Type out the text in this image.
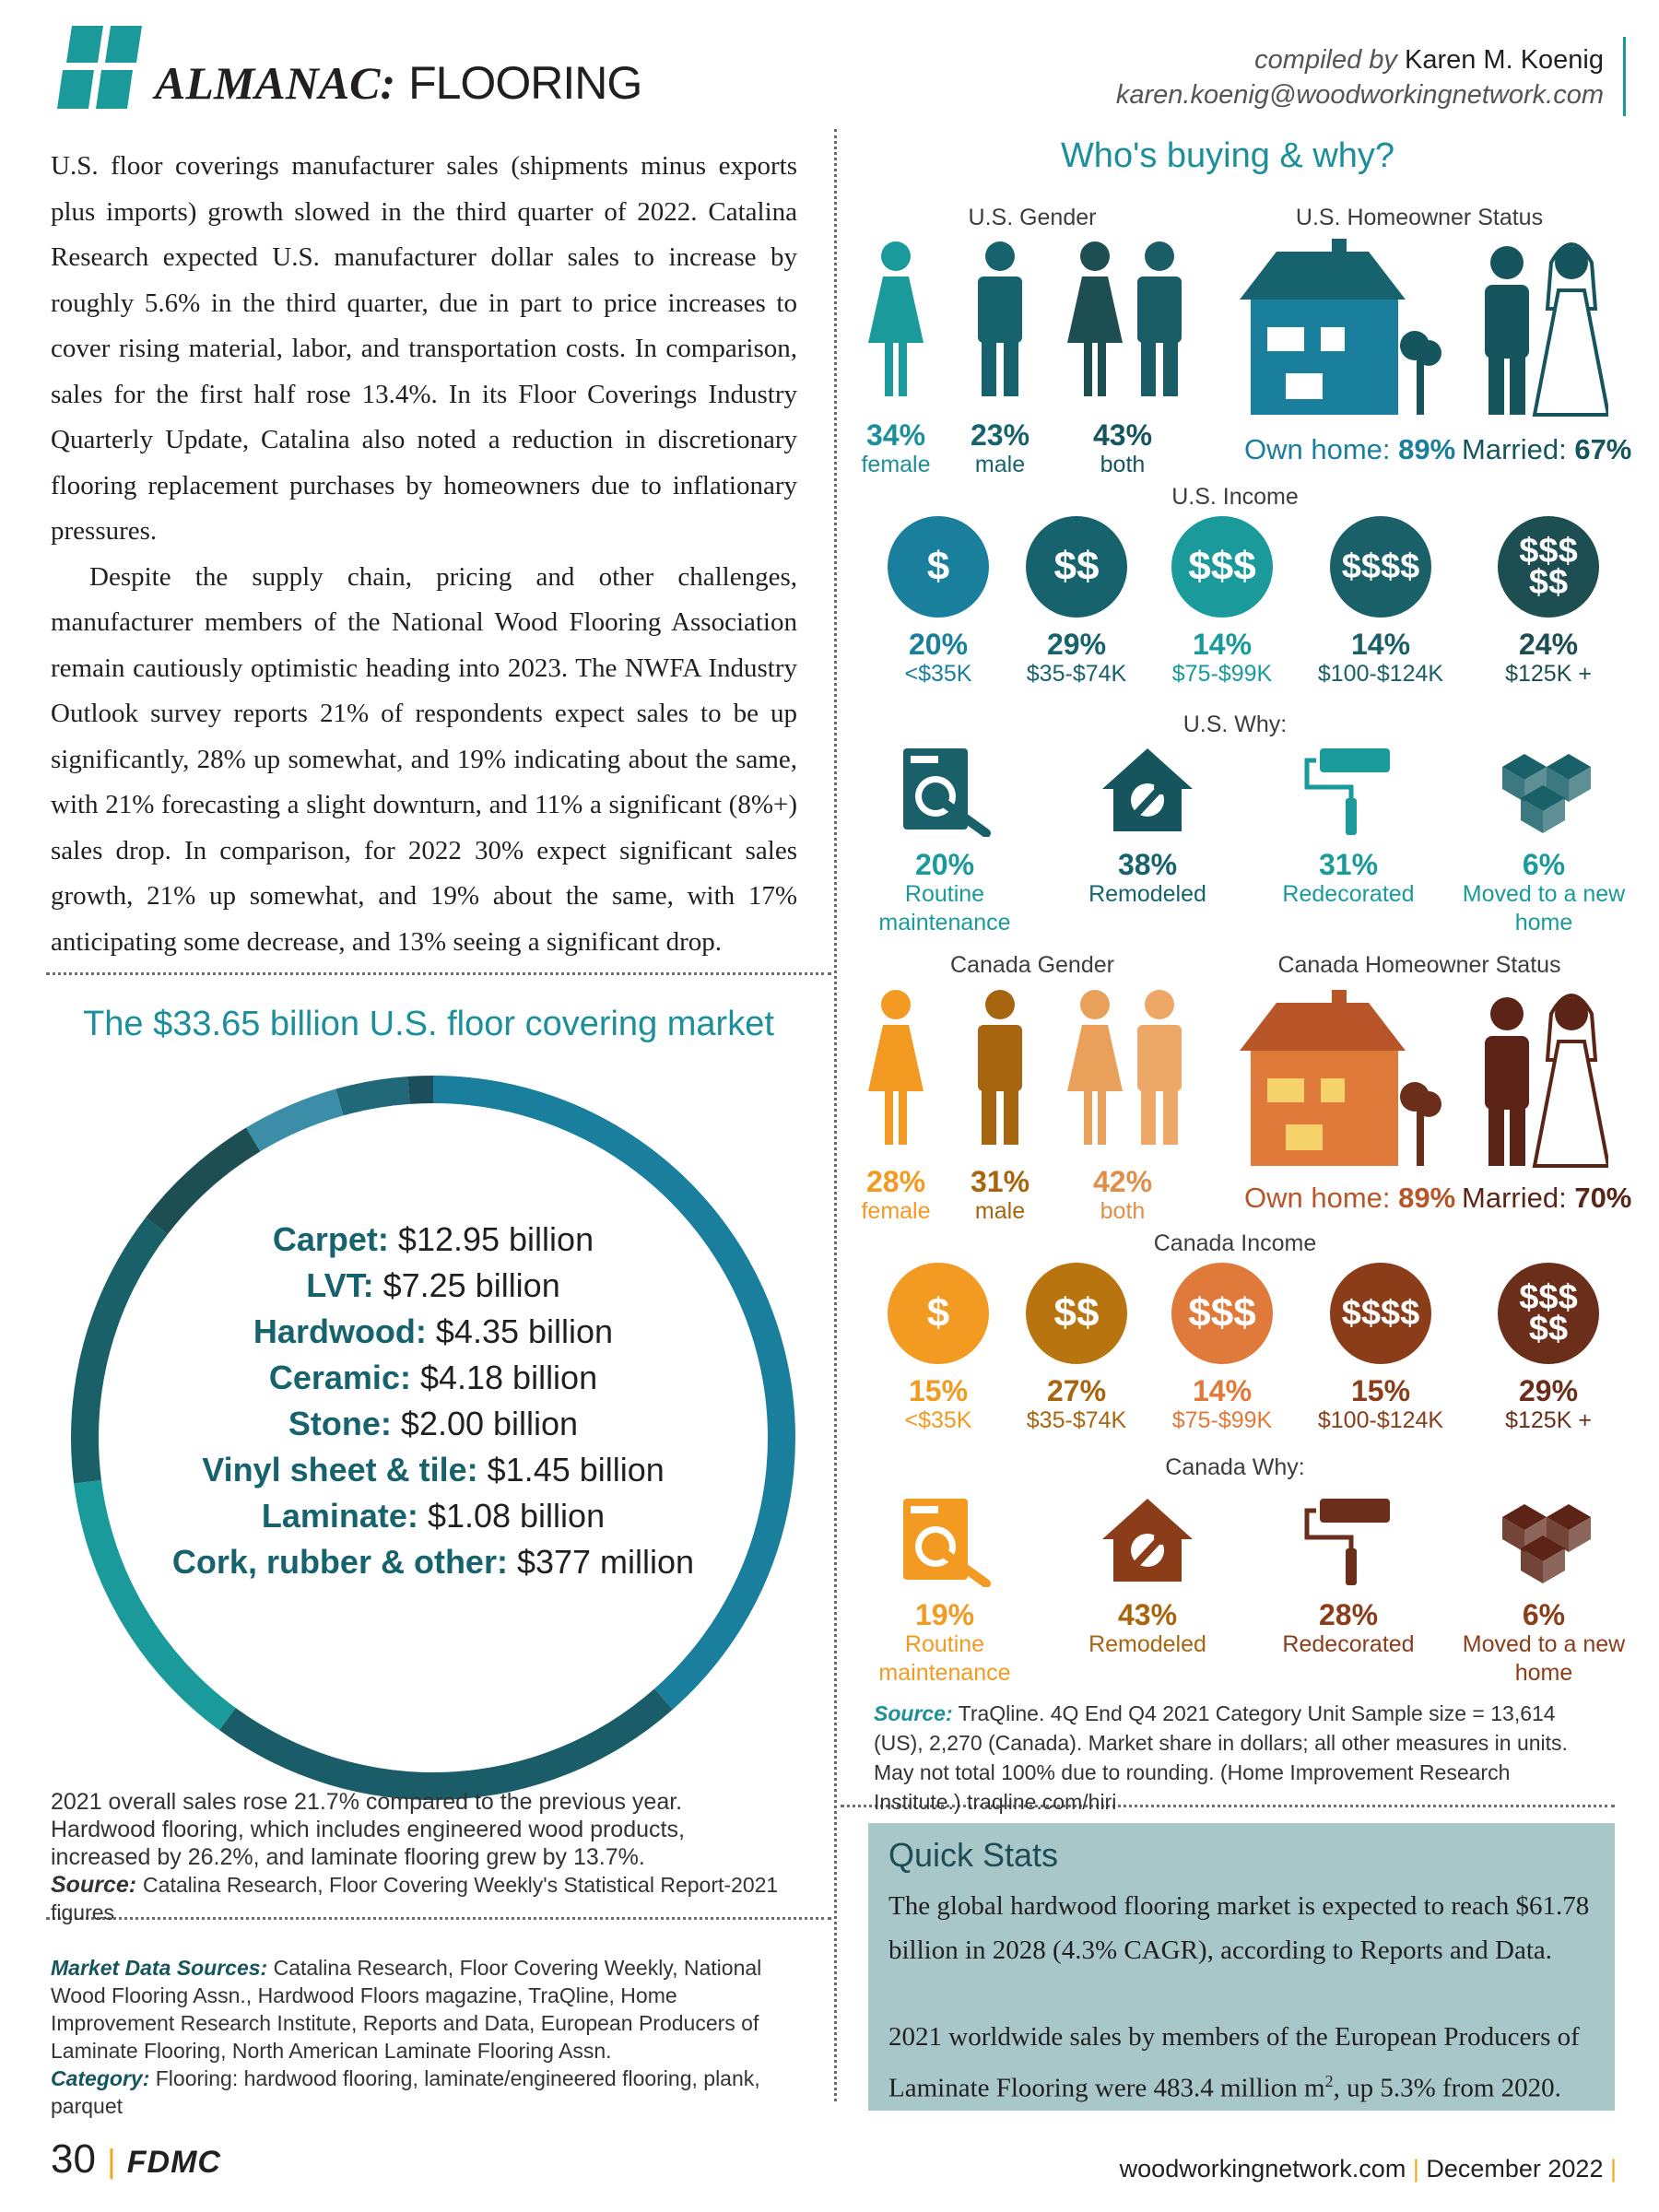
ALMANAC: FLOORING	compiled by Karen M. Koenig
karen.koenig@woodworkingnetwork.com

U.S. floor coverings manufacturer sales (shipments minus exports plus imports) growth slowed in the third quarter of 2022. Catalina Research expected U.S. manufacturer dollar sales to increase by roughly 5.6% in the third quarter, due in part to price increases to cover rising material, labor, and transportation costs. In comparison, sales for the first half rose 13.4%. In its Floor Coverings Industry Quarterly Update, Catalina also noted a reduction in discretionary flooring replacement purchases by homeowners due to inflationary pressures.

Despite the supply chain, pricing and other challenges, manufacturer members of the National Wood Flooring Association remain cautiously optimistic heading into 2023. The NWFA Industry Outlook survey reports 21% of respondents expect sales to be up significantly, 28% up somewhat, and 19% indicating about the same, with 21% forecasting a slight downturn, and 11% a significant (8%+) sales drop. In comparison, for 2022 30% expect significant sales growth, 21% up somewhat, and 19% about the same, with 17% anticipating some decrease, and 13% seeing a significant drop.

The $33.65 billion U.S. floor covering market
Carpet: $12.95 billion
LVT: $7.25 billion
Hardwood: $4.35 billion
Ceramic: $4.18 billion
Stone: $2.00 billion
Vinyl sheet & tile: $1.45 billion
Laminate: $1.08 billion
Cork, rubber & other: $377 million
2021 overall sales rose 21.7% compared to the previous year. Hardwood flooring, which includes engineered wood products, increased by 26.2%, and laminate flooring grew by 13.7%.
Source: Catalina Research, Floor Covering Weekly's Statistical Report-2021 figures
Market Data Sources: Catalina Research, Floor Covering Weekly, National Wood Flooring Assn., Hardwood Floors magazine, TraQline, Home Improvement Research Institute, Reports and Data, European Producers of Laminate Flooring, North American Laminate Flooring Assn.
Category: Flooring: hardwood flooring, laminate/engineered flooring, plank, parquet
Who's buying & why?
U.S. Gender
34%
female
23%
male
43%
both
U.S. Homeowner Status
Own home: 89% Married: 67%
U.S. Income
$
20%
<$35K
$$
29%
$35-$74K
$$$
14%
$75-$99K
$$$$
14%
$100-$124K
$$$
$$
24%
$125K +
U.S. Why:
20%
Routine maintenance
38%
Remodeled
31%
Redecorated
6%
Moved to a new home
Canada Gender
28%
female
31%
male
42%
both
Canada Homeowner Status
Own home: 89% Married: 70%
Canada Income
$
15%
<$35K
$$
27%
$35-$74K
$$$
14%
$75-$99K
$$$$
15%
$100-$124K
$$$
$$
29%
$125K +
Canada Why:
19%
Routine maintenance
43%
Remodeled
28%
Redecorated
6%
Moved to a new home
Source: TraQline. 4Q End Q4 2021 Category Unit Sample size = 13,614 (US), 2,270 (Canada). Market share in dollars; all other measures in units. May not total 100% due to rounding. (Home Improvement Research Institute.) traqline.com/hiri
Quick Stats
The global hardwood flooring market is expected to reach $61.78 billion in 2028 (4.3% CAGR), according to Reports and Data.
2021 worldwide sales by members of the European Producers of Laminate Flooring were 483.4 million $m^2$, up 5.3% from 2020.
30 | FDMC	woodworkingnetwork.com | December 2022 |
